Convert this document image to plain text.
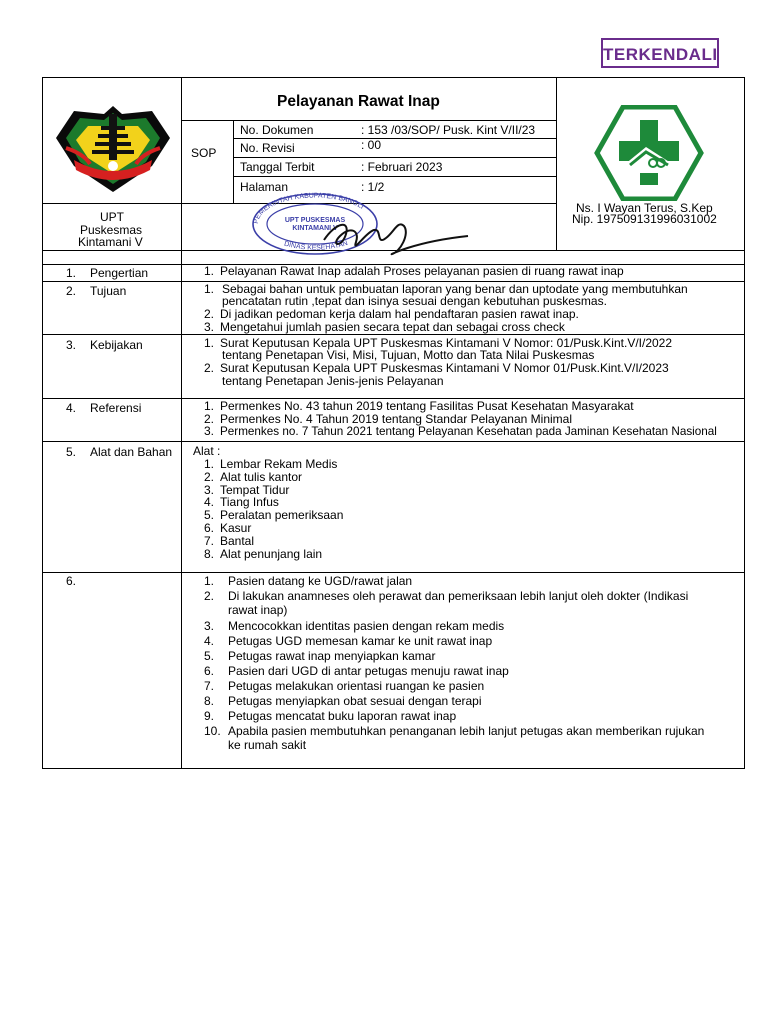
TERKENDALI
Pelayanan Rawat Inap
SOP
No. Dokumen	: 153 /03/SOP/ Pusk. Kint V/II/23
No. Revisi	: 00
Tanggal Terbit	: Februari 2023
Halaman	: 1/2
UPT
Puskesmas
Kintamani V
Ns. I Wayan Terus, S.Kep
Nip. 197509131996031002
PEMERINTAH KABUPATEN BANGLI
DINAS KESEHATAN
UPT PUSKESMAS
KINTAMANI V
1. Pengertian	1. Pelayanan Rawat Inap adalah Proses pelayanan pasien di ruang rawat inap
2. Tujuan	1. Sebagai bahan untuk pembuatan laporan yang benar dan uptodate yang membutuhkan
pencatatan rutin ,tepat dan isinya sesuai dengan kebutuhan puskesmas.
2. Di jadikan pedoman kerja dalam hal pendaftaran pasien rawat inap.
3. Mengetahui jumlah pasien secara tepat dan sebagai cross check
3. Kebijakan	1. Surat Keputusan Kepala UPT Puskesmas Kintamani V Nomor: 01/Pusk.Kint.V/I/2022
tentang Penetapan Visi, Misi, Tujuan, Motto dan Tata Nilai Puskesmas
2. Surat Keputusan Kepala UPT Puskesmas Kintamani V Nomor 01/Pusk.Kint.V/I/2023
tentang Penetapan Jenis-jenis Pelayanan
4. Referensi	1. Permenkes No. 43 tahun 2019 tentang Fasilitas Pusat Kesehatan Masyarakat
2. Permenkes No. 4 Tahun 2019 tentang Standar Pelayanan Minimal
3. Permenkes no. 7 Tahun 2021 tentang Pelayanan Kesehatan pada Jaminan Kesehatan Nasional
5. Alat dan Bahan Alat :
1. Lembar Rekam Medis
2. Alat tulis kantor
3. Tempat Tidur
4. Tiang Infus
5. Peralatan pemeriksaan
6. Kasur
7. Bantal
8. Alat penunjang lain
6.	1. Pasien datang ke UGD/rawat jalan
2. Di lakukan anamneses oleh perawat dan pemeriksaan lebih lanjut oleh dokter (Indikasi
rawat inap)
3. Mencocokkan identitas pasien dengan rekam medis
4. Petugas UGD memesan kamar ke unit rawat inap
5. Petugas rawat inap menyiapkan kamar
6. Pasien dari UGD di antar petugas menuju rawat inap
7. Petugas melakukan orientasi ruangan ke pasien
8. Petugas menyiapkan obat sesuai dengan terapi
9. Petugas mencatat buku laporan rawat inap
10. Apabila pasien membutuhkan penanganan lebih lanjut petugas akan memberikan rujukan
ke rumah sakit
